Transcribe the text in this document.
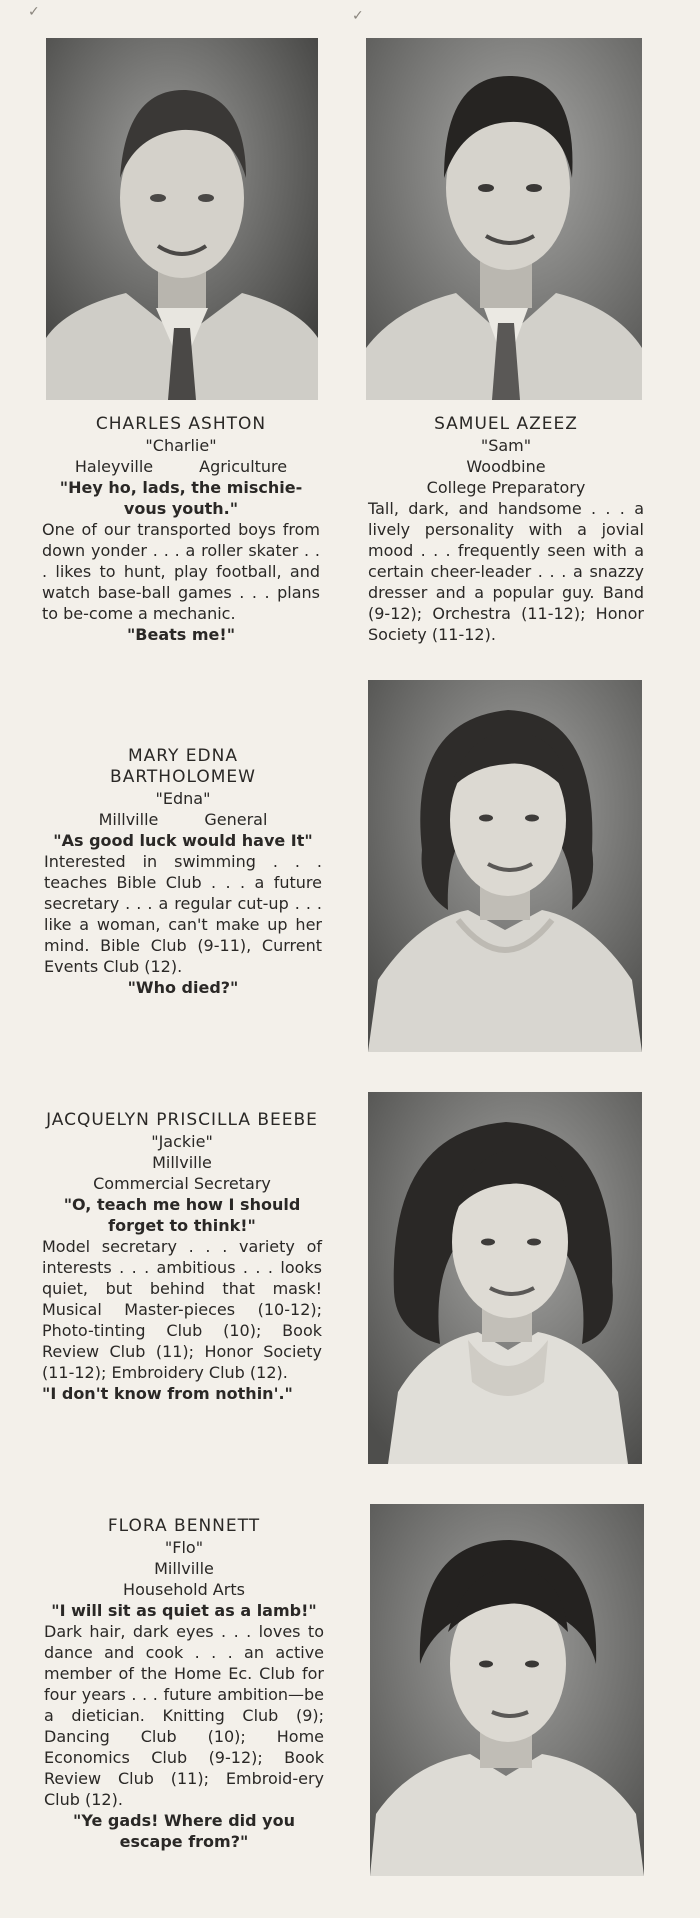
✓	✓
CHARLES ASHTON
"Charlie"
Haleyville	Agriculture
"Hey ho, lads, the mischie-vous youth."
One of our transported boys from down yonder . . . a roller skater . . . likes to hunt, play football, and watch base-ball games . . . plans to be-come a mechanic.
"Beats me!"
SAMUEL AZEEZ
"Sam"
Woodbine
College Preparatory
Tall, dark, and handsome . . . a lively personality with a jovial mood . . . frequently seen with a certain cheer-leader . . . a snazzy dresser and a popular guy. Band (9-12); Orchestra (11-12); Honor Society (11-12).
MARY EDNA BARTHOLOMEW
"Edna"
Millville	General
"As good luck would have It"
Interested in swimming . . . teaches Bible Club . . . a future secretary . . . a regular cut-up . . . like a woman, can't make up her mind. Bible Club (9-11), Current Events Club (12).
"Who died?"
JACQUELYN PRISCILLA BEEBE
"Jackie"
Millville
Commercial Secretary
"O, teach me how I should forget to think!"
Model secretary . . . variety of interests . . . ambitious . . . looks quiet, but behind that mask! Musical Master-pieces (10-12); Photo-tinting Club (10); Book Review Club (11); Honor Society (11-12); Embroidery Club (12).
"I don't know from nothin'."
FLORA BENNETT
"Flo"
Millville
Household Arts
"I will sit as quiet as a lamb!"
Dark hair, dark eyes . . . loves to dance and cook . . . an active member of the Home Ec. Club for four years . . . future ambition—be a dietician. Knitting Club (9); Dancing Club (10); Home Economics Club (9-12); Book Review Club (11); Embroid-ery Club (12).
"Ye gads! Where did you escape from?"
